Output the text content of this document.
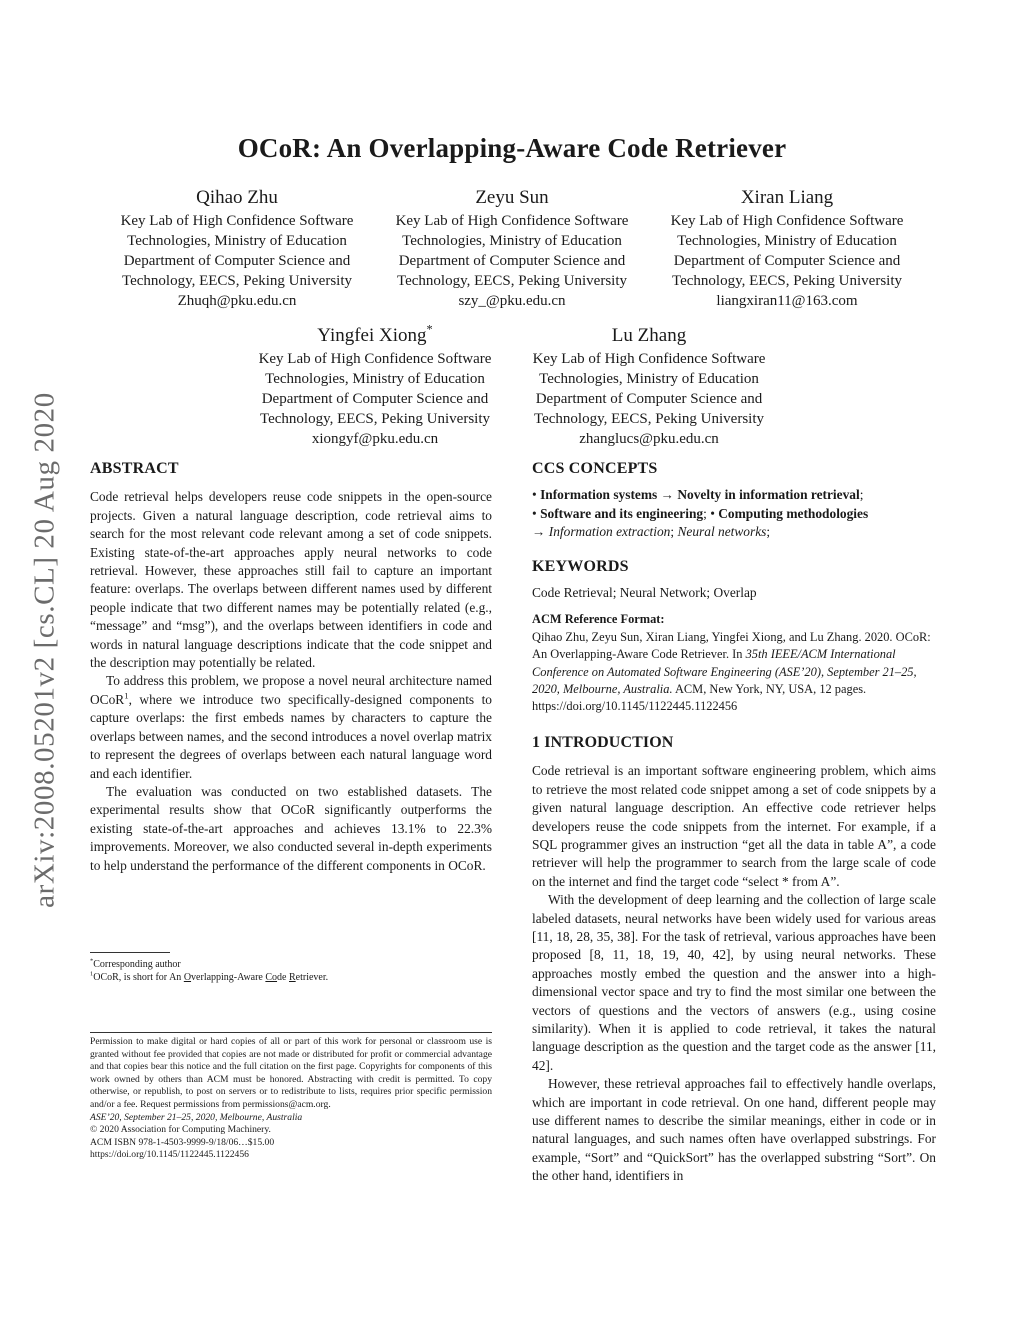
OCoR: An Overlapping-Aware Code Retriever
arXiv:2008.05201v2 [cs.CL] 20 Aug 2020
Qihao Zhu
Key Lab of High Confidence Software
Technologies, Ministry of Education
Department of Computer Science and
Technology, EECS, Peking University
Zhuqh@pku.edu.cn
Zeyu Sun
Key Lab of High Confidence Software
Technologies, Ministry of Education
Department of Computer Science and
Technology, EECS, Peking University
szy_@pku.edu.cn
Xiran Liang
Key Lab of High Confidence Software
Technologies, Ministry of Education
Department of Computer Science and
Technology, EECS, Peking University
liangxiran11@163.com
Yingfei Xiong*
Key Lab of High Confidence Software
Technologies, Ministry of Education
Department of Computer Science and
Technology, EECS, Peking University
xiongyf@pku.edu.cn
Lu Zhang
Key Lab of High Confidence Software
Technologies, Ministry of Education
Department of Computer Science and
Technology, EECS, Peking University
zhanglucs@pku.edu.cn
ABSTRACT

Code retrieval helps developers reuse code snippets in the open-source projects. Given a natural language description, code retrieval aims to search for the most relevant code relevant among a set of code snippets. Existing state-of-the-art approaches apply neural networks to code retrieval. However, these approaches still fail to capture an important feature: overlaps. The overlaps between different names used by different people indicate that two different names may be potentially related (e.g., “message” and “msg”), and the overlaps between identifiers in code and words in natural language descriptions indicate that the code snippet and the description may potentially be related.

To address this problem, we propose a novel neural architecture named OCoR$^1$, where we introduce two specifically-designed components to capture overlaps: the first embeds names by characters to capture the overlaps between names, and the second introduces a novel overlap matrix to represent the degrees of overlaps between each natural language word and each identifier.

The evaluation was conducted on two established datasets. The experimental results show that OCoR significantly outperforms the existing state-of-the-art approaches and achieves 13.1% to 22.3% improvements. Moreover, we also conducted several in-depth experiments to help understand the performance of the different components in OCoR.

*Corresponding author
$^1$OCoR, is short for An Overlapping-Aware Code Retriever.
Permission to make digital or hard copies of all or part of this work for personal or classroom use is granted without fee provided that copies are not made or distributed for profit or commercial advantage and that copies bear this notice and the full citation on the first page. Copyrights for components of this work owned by others than ACM must be honored. Abstracting with credit is permitted. To copy otherwise, or republish, to post on servers or to redistribute to lists, requires prior specific permission and/or a fee. Request permissions from permissions@acm.org.
ASE’20, September 21–25, 2020, Melbourne, Australia
© 2020 Association for Computing Machinery.
ACM ISBN 978-1-4503-9999-9/18/06…$15.00
https://doi.org/10.1145/1122445.1122456
CCS CONCEPTS
• Information systems → Novelty in information retrieval;
• Software and its engineering; • Computing methodologies
→ Information extraction; Neural networks;
KEYWORDS
Code Retrieval; Neural Network; Overlap
ACM Reference Format:
Qihao Zhu, Zeyu Sun, Xiran Liang, Yingfei Xiong, and Lu Zhang. 2020. OCoR: An Overlapping-Aware Code Retriever. In 35th IEEE/ACM International Conference on Automated Software Engineering (ASE’20), September 21–25, 2020, Melbourne, Australia. ACM, New York, NY, USA, 12 pages. https://doi.org/10.1145/1122445.1122456
1 INTRODUCTION

Code retrieval is an important software engineering problem, which aims to retrieve the most related code snippet among a set of code snippets by a given natural language description. An effective code retriever helps developers reuse the code snippets from the internet. For example, if a SQL programmer gives an instruction “get all the data in table A”, a code retriever will help the programmer to search from the large scale of code on the internet and find the target code “select * from A”.

With the development of deep learning and the collection of large scale labeled datasets, neural networks have been widely used for various areas [11, 18, 28, 35, 38]. For the task of retrieval, various approaches have been proposed [8, 11, 18, 19, 40, 42], by using neural networks. These approaches mostly embed the question and the answer into a high-dimensional vector space and try to find the most similar one between the vectors of questions and the vectors of answers (e.g., using cosine similarity). When it is applied to code retrieval, it takes the natural language description as the question and the target code as the answer [11, 42].

However, these retrieval approaches fail to effectively handle overlaps, which are important in code retrieval. On one hand, different people may use different names to describe the similar meanings, either in code or in natural languages, and such names often have overlapped substrings. For example, “Sort” and “QuickSort” has the overlapped substring “Sort”. On the other hand, identifiers in
